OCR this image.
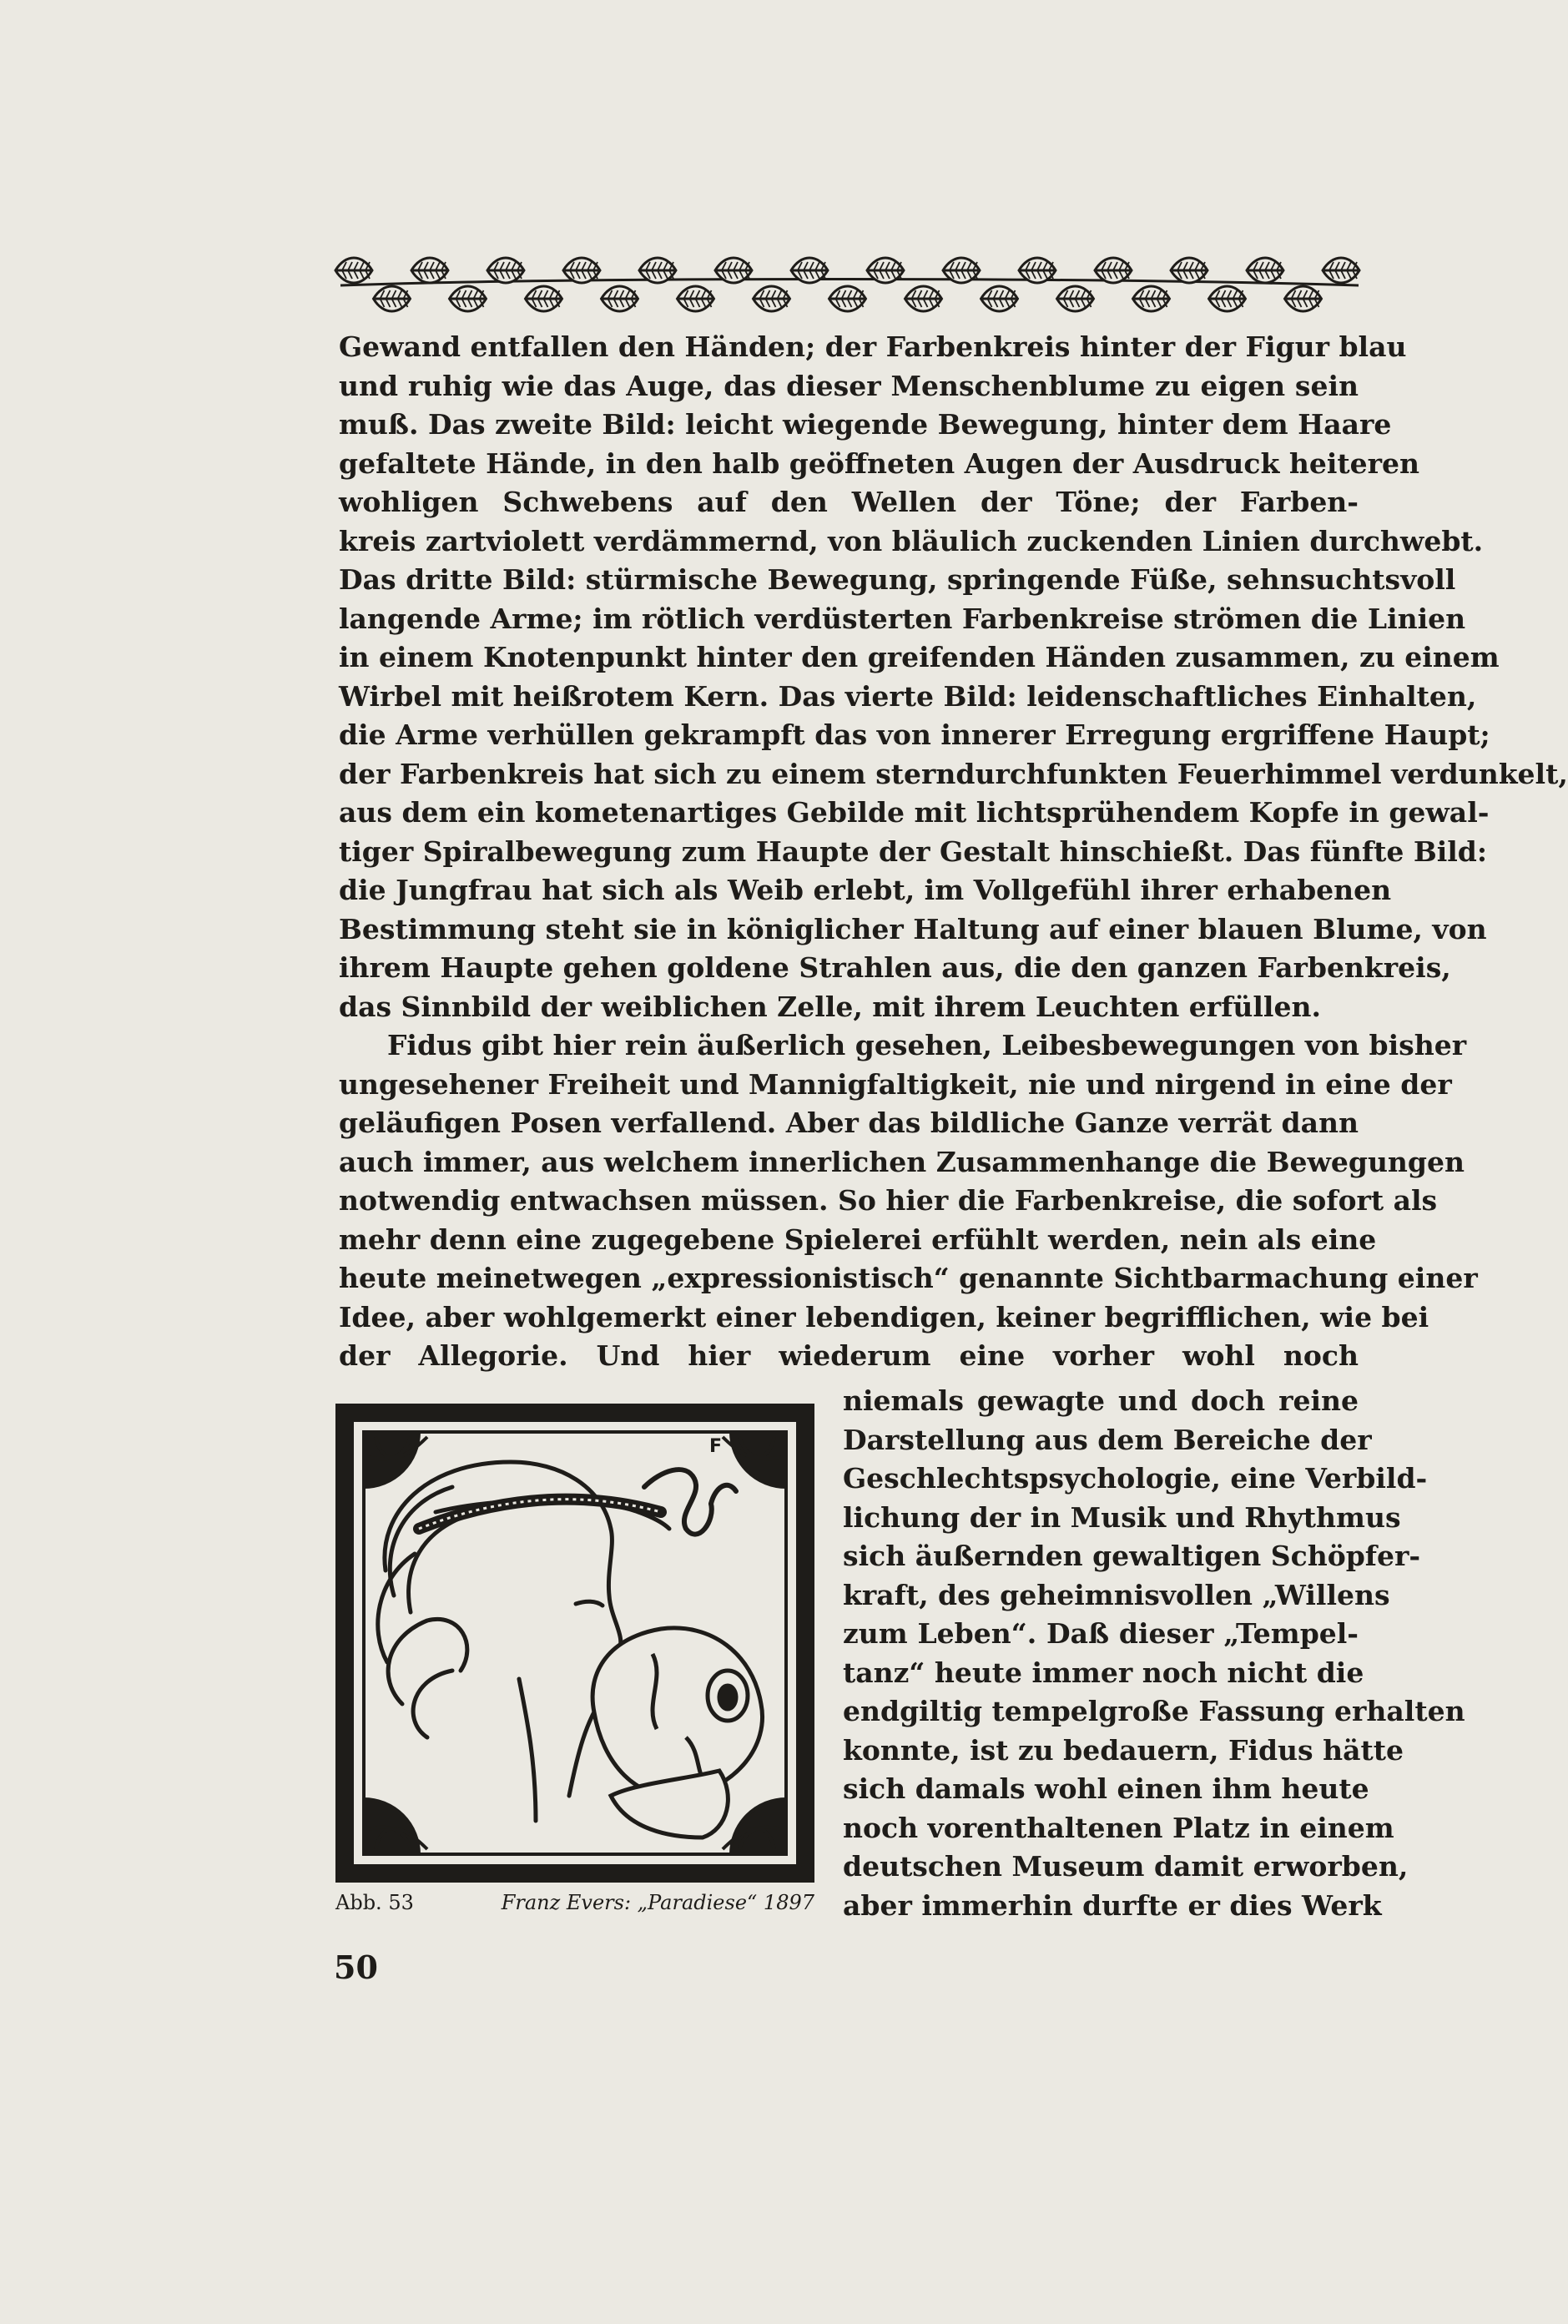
Gewand entfallen den Händen; der Farbenkreis hinter der Figur blau
und ruhig wie das Auge, das dieser Menschenblume zu eigen sein
muß. Das zweite Bild: leicht wiegende Bewegung, hinter dem Haare
gefaltete Hände, in den halb geöffneten Augen der Ausdruck heiteren
wohligen Schwebens auf den Wellen der Töne; der Farben-
kreis zartviolett verdämmernd, von bläulich zuckenden Linien durchwebt.
Das dritte Bild: stürmische Bewegung, springende Füße, sehnsuchtsvoll
langende Arme; im rötlich verdüsterten Farbenkreise strömen die Linien
in einem Knotenpunkt hinter den greifenden Händen zusammen, zu einem
Wirbel mit heißrotem Kern. Das vierte Bild: leidenschaftliches Einhalten,
die Arme verhüllen gekrampft das von innerer Erregung ergriffene Haupt;
der Farbenkreis hat sich zu einem sterndurchfunkten Feuerhimmel verdunkelt,
aus dem ein kometenartiges Gebilde mit lichtsprühendem Kopfe in gewal-
tiger Spiralbewegung zum Haupte der Gestalt hinschießt. Das fünfte Bild:
die Jungfrau hat sich als Weib erlebt, im Vollgefühl ihrer erhabenen
Bestimmung steht sie in königlicher Haltung auf einer blauen Blume, von
ihrem Haupte gehen goldene Strahlen aus, die den ganzen Farbenkreis,
das Sinnbild der weiblichen Zelle, mit ihrem Leuchten erfüllen.
Fidus gibt hier rein äußerlich gesehen, Leibesbewegungen von bisher
ungesehener Freiheit und Mannigfaltigkeit, nie und nirgend in eine der
geläufigen Posen verfallend. Aber das bildliche Ganze verrät dann
auch immer, aus welchem innerlichen Zusammenhange die Bewegungen
notwendig entwachsen müssen. So hier die Farbenkreise, die sofort als
mehr denn eine zugegebene Spielerei erfühlt werden, nein als eine
heute meinetwegen „expressionistisch“ genannte Sichtbarmachung einer
Idee, aber wohlgemerkt einer lebendigen, keiner begrifflichen, wie bei
der Allegorie. Und hier wiederum eine vorher wohl noch
F
Abb. 53	Franz Evers: „Paradiese“ 1897
niemals gewagte und doch reine
Darstellung aus dem Bereiche der
Geschlechtspsychologie, eine Verbild-
lichung der in Musik und Rhythmus
sich äußernden gewaltigen Schöpfer-
kraft, des geheimnisvollen „Willens
zum Leben“. Daß dieser „Tempel-
tanz“ heute immer noch nicht die
endgiltig tempelgroße Fassung erhalten
konnte, ist zu bedauern, Fidus hätte
sich damals wohl einen ihm heute
noch vorenthaltenen Platz in einem
deutschen Museum damit erworben,
aber immerhin durfte er dies Werk
50
